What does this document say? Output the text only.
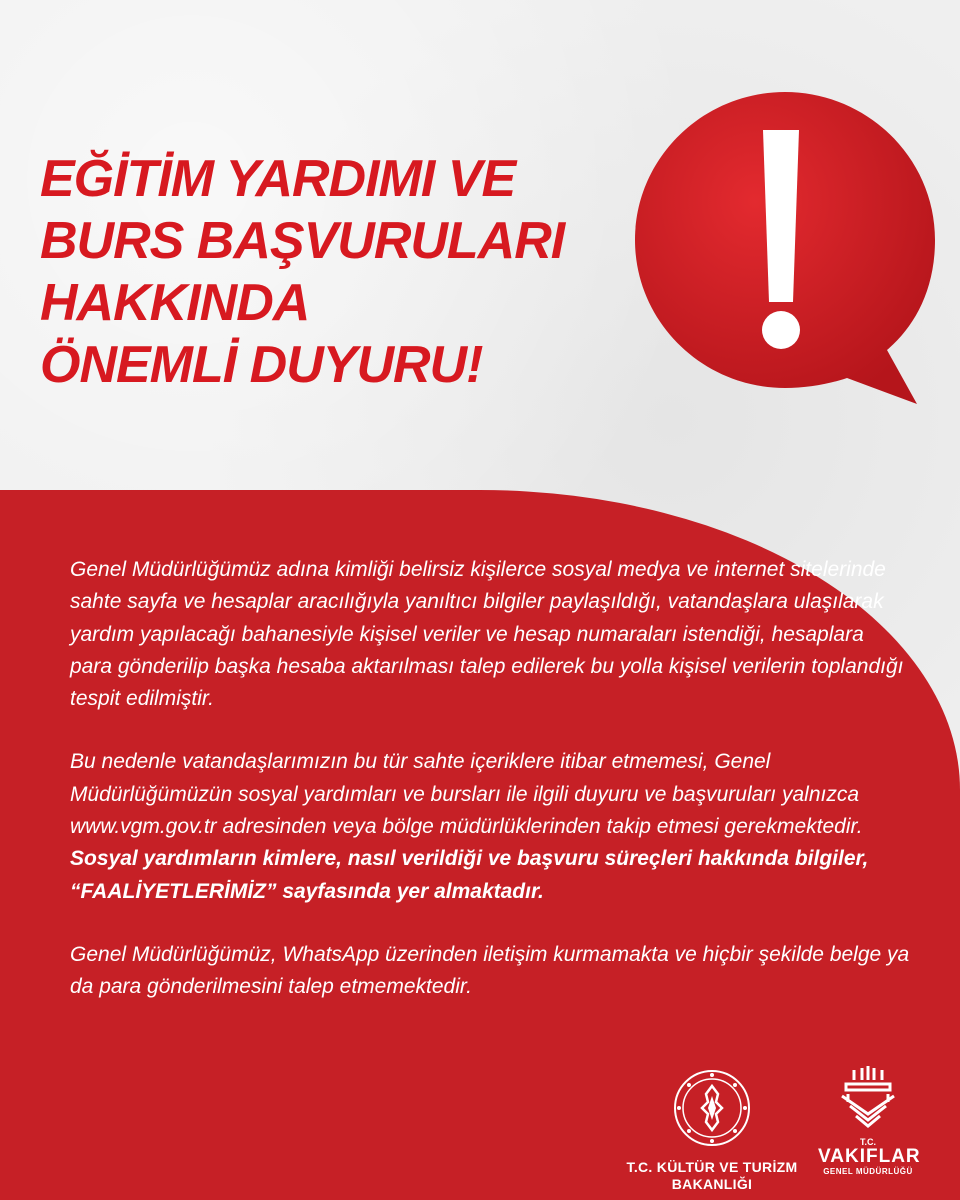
EĞİTİM YARDIMI VE
BURS BAŞVURULARI
HAKKINDA
ÖNEMLİ DUYURU!

Genel Müdürlüğümüz adına kimliği belirsiz kişilerce sosyal medya ve internet sitelerinde sahte sayfa ve hesaplar aracılığıyla yanıltıcı bilgiler paylaşıldığı, vatandaşlara ulaşılarak yardım yapılacağı bahanesiyle kişisel veriler ve hesap numaraları istendiği, hesaplara para gönderilip başka hesaba aktarılması talep edilerek bu yolla kişisel verilerin toplandığı tespit edilmiştir.

Bu nedenle vatandaşlarımızın bu tür sahte içeriklere itibar etmemesi, Genel Müdürlüğümüzün sosyal yardımları ve bursları ile ilgili duyuru ve başvuruları yalnızca www.vgm.gov.tr adresinden veya bölge müdürlüklerinden takip etmesi gerekmektedir. Sosyal yardımların kimlere, nasıl verildiği ve başvuru süreçleri hakkında bilgiler, “FAALİYETLERİMİZ” sayfasında yer almaktadır.

Genel Müdürlüğümüz, WhatsApp üzerinden iletişim kurmamakta ve hiçbir şekilde belge ya da para gönderilmesini talep etmemektedir.

T.C. KÜLTÜR VE TURİZM
BAKANLIĞI
T.C.
VAKIFLAR
GENEL MÜDÜRLÜĞÜ
